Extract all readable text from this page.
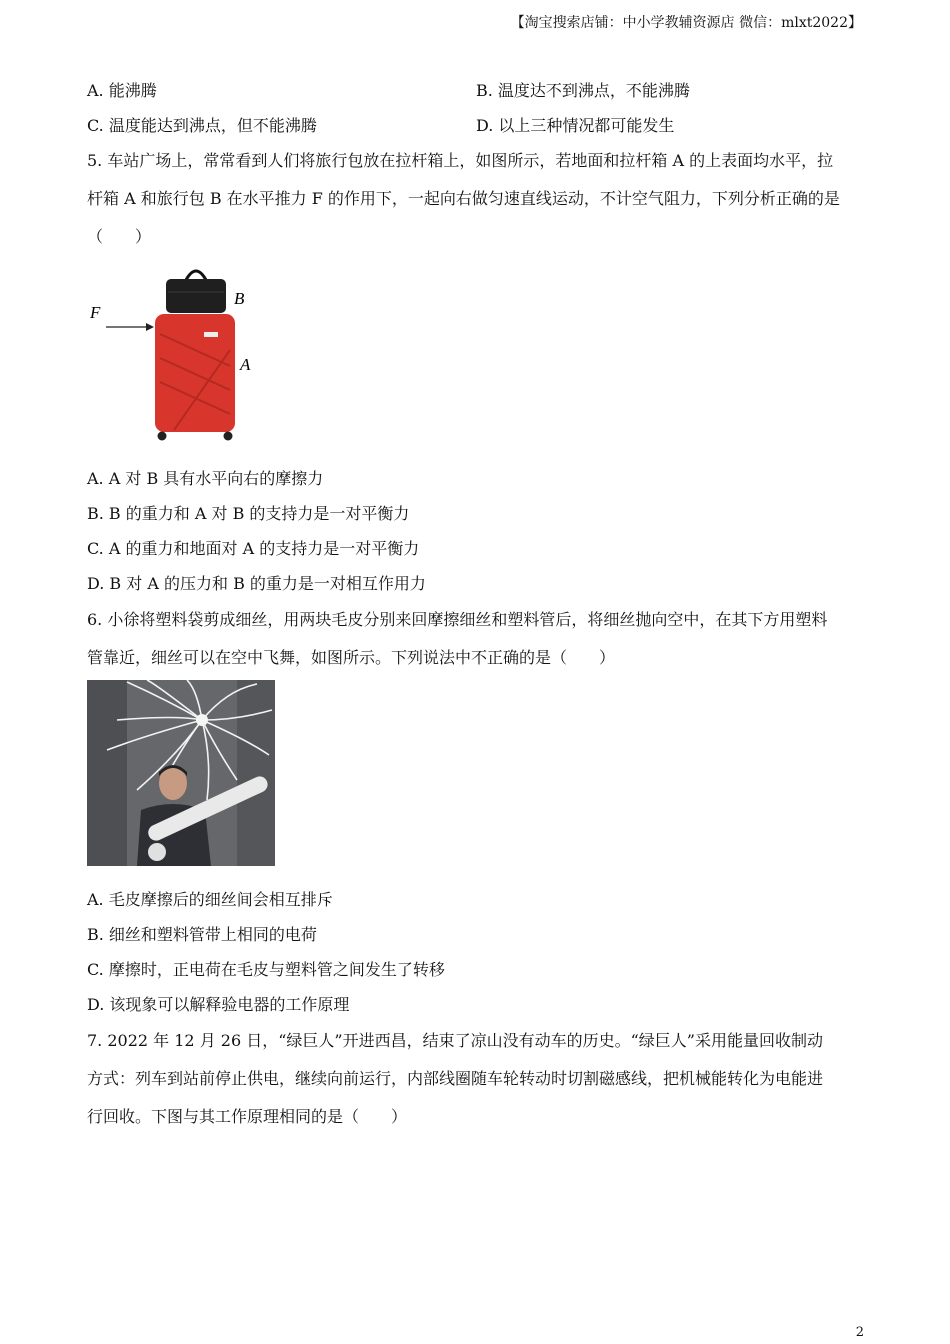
【淘宝搜索店铺：中小学教辅资源店 微信：mlxt2022】
A. 能沸腾	B. 温度达不到沸点，不能沸腾
C. 温度能达到沸点，但不能沸腾	D. 以上三种情况都可能发生
5. 车站广场上，常常看到人们将旅行包放在拉杆箱上，如图所示，若地面和拉杆箱 A 的上表面均水平，拉
杆箱 A 和旅行包 B 在水平推力 F 的作用下，一起向右做匀速直线运动，不计空气阻力，下列分析正确的是
（　　）
F
B
A
A. A 对 B 具有水平向右的摩擦力
B. B 的重力和 A 对 B 的支持力是一对平衡力
C. A 的重力和地面对 A 的支持力是一对平衡力
D. B 对 A 的压力和 B 的重力是一对相互作用力
6. 小徐将塑料袋剪成细丝，用两块毛皮分别来回摩擦细丝和塑料管后，将细丝抛向空中，在其下方用塑料
管靠近，细丝可以在空中飞舞，如图所示。下列说法中不正确的是（　　）
A. 毛皮摩擦后的细丝间会相互排斥
B. 细丝和塑料管带上相同的电荷
C. 摩擦时，正电荷在毛皮与塑料管之间发生了转移
D. 该现象可以解释验电器的工作原理
7. 2022 年 12 月 26 日，“绿巨人”开进西昌，结束了凉山没有动车的历史。“绿巨人”采用能量回收制动
方式：列车到站前停止供电，继续向前运行，内部线圈随车轮转动时切割磁感线，把机械能转化为电能进
行回收。下图与其工作原理相同的是（　　）
2
